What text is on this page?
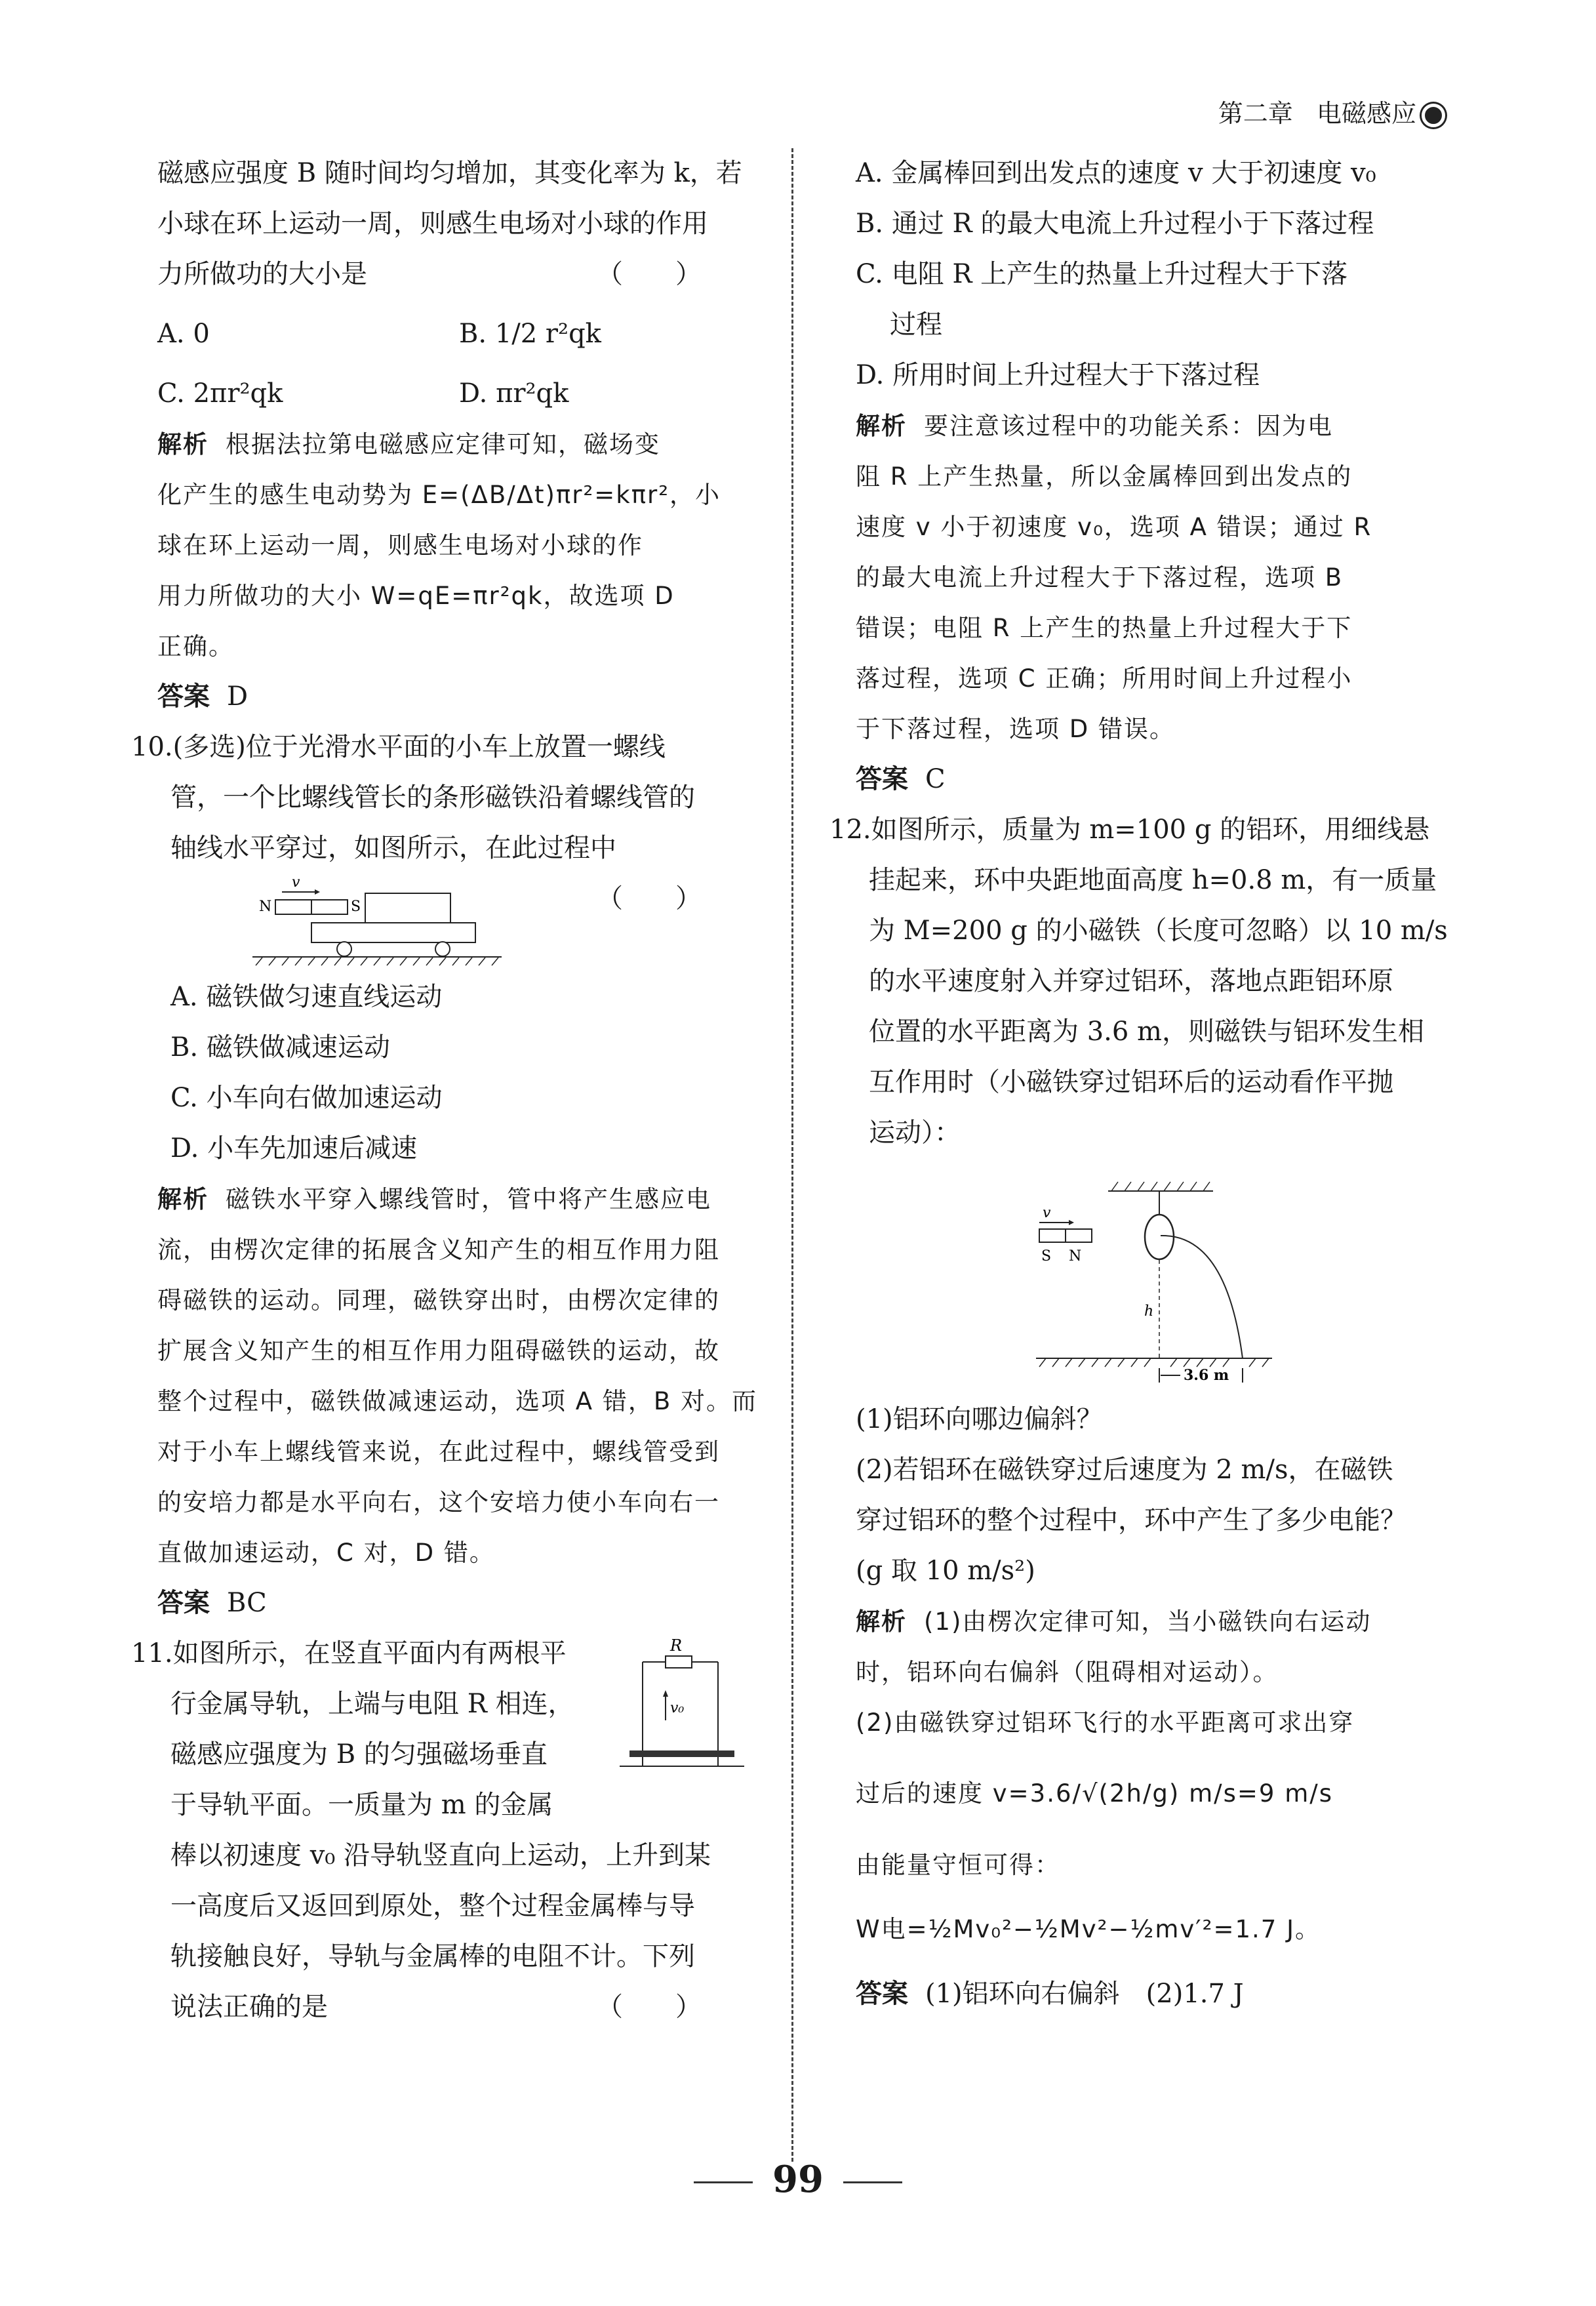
第二章 电磁感应

磁感应强度 B 随时间均匀增加，其变化率为 k，若

小球在环上运动一周，则感生电场对小球的作用

力所做功的大小是	（　　）

A. 0	B. 1/2 r²qk
C. 2πr²qk	D. πr²qk

解析 根据法拉第电磁感应定律可知，磁场变

化产生的感生电动势为 E=(ΔB/Δt)πr²=kπr²，小

球在环上运动一周，则感生电场对小球的作

用力所做功的大小 W=qE=πr²qk，故选项 D

正确。

答案 D

10.(多选)位于光滑水平面的小车上放置一螺线

管，一个比螺线管长的条形磁铁沿着螺线管的

轴线水平穿过，如图所示，在此过程中
（　　）

v
N	S

A. 磁铁做匀速直线运动

B. 磁铁做减速运动

C. 小车向右做加速运动

D. 小车先加速后减速

解析 磁铁水平穿入螺线管时，管中将产生感应电

流，由楞次定律的拓展含义知产生的相互作用力阻

碍磁铁的运动。同理，磁铁穿出时，由楞次定律的

扩展含义知产生的相互作用力阻碍磁铁的运动，故

整个过程中，磁铁做减速运动，选项 A 错，B 对。而

对于小车上螺线管来说，在此过程中，螺线管受到

的安培力都是水平向右，这个安培力使小车向右一

直做加速运动，C 对，D 错。

答案 BC

R
v₀

11.如图所示，在竖直平面内有两根平

行金属导轨，上端与电阻 R 相连，

磁感应强度为 B 的匀强磁场垂直

于导轨平面。一质量为 m 的金属

棒以初速度 v₀ 沿导轨竖直向上运动，上升到某

一高度后又返回到原处，整个过程金属棒与导

轨接触良好，导轨与金属棒的电阻不计。下列

说法正确的是	（　　）

A. 金属棒回到出发点的速度 v 大于初速度 v₀

B. 通过 R 的最大电流上升过程小于下落过程

C. 电阻 R 上产生的热量上升过程大于下落

过程

D. 所用时间上升过程大于下落过程

解析 要注意该过程中的功能关系：因为电

阻 R 上产生热量，所以金属棒回到出发点的

速度 v 小于初速度 v₀，选项 A 错误；通过 R

的最大电流上升过程大于下落过程，选项 B

错误；电阻 R 上产生的热量上升过程大于下

落过程，选项 C 正确；所用时间上升过程小

于下落过程，选项 D 错误。

答案 C

12.如图所示，质量为 m=100 g 的铝环，用细线悬

挂起来，环中央距地面高度 h=0.8 m，有一质量

为 M=200 g 的小磁铁（长度可忽略）以 10 m/s

的水平速度射入并穿过铝环，落地点距铝环原

位置的水平距离为 3.6 m，则磁铁与铝环发生相

互作用时（小磁铁穿过铝环后的运动看作平抛

运动）：

v
S N
h
3.6 m

(1)铝环向哪边偏斜？

(2)若铝环在磁铁穿过后速度为 2 m/s，在磁铁

穿过铝环的整个过程中，环中产生了多少电能？

(g 取 10 m/s²)

解析 (1)由楞次定律可知，当小磁铁向右运动

时，铝环向右偏斜（阻碍相对运动）。

(2)由磁铁穿过铝环飞行的水平距离可求出穿

过后的速度 v=3.6/√(2h/g) m/s=9 m/s

由能量守恒可得：

W电=½Mv₀²−½Mv²−½mv′²=1.7 J。

答案 (1)铝环向右偏斜　(2)1.7 J

99
